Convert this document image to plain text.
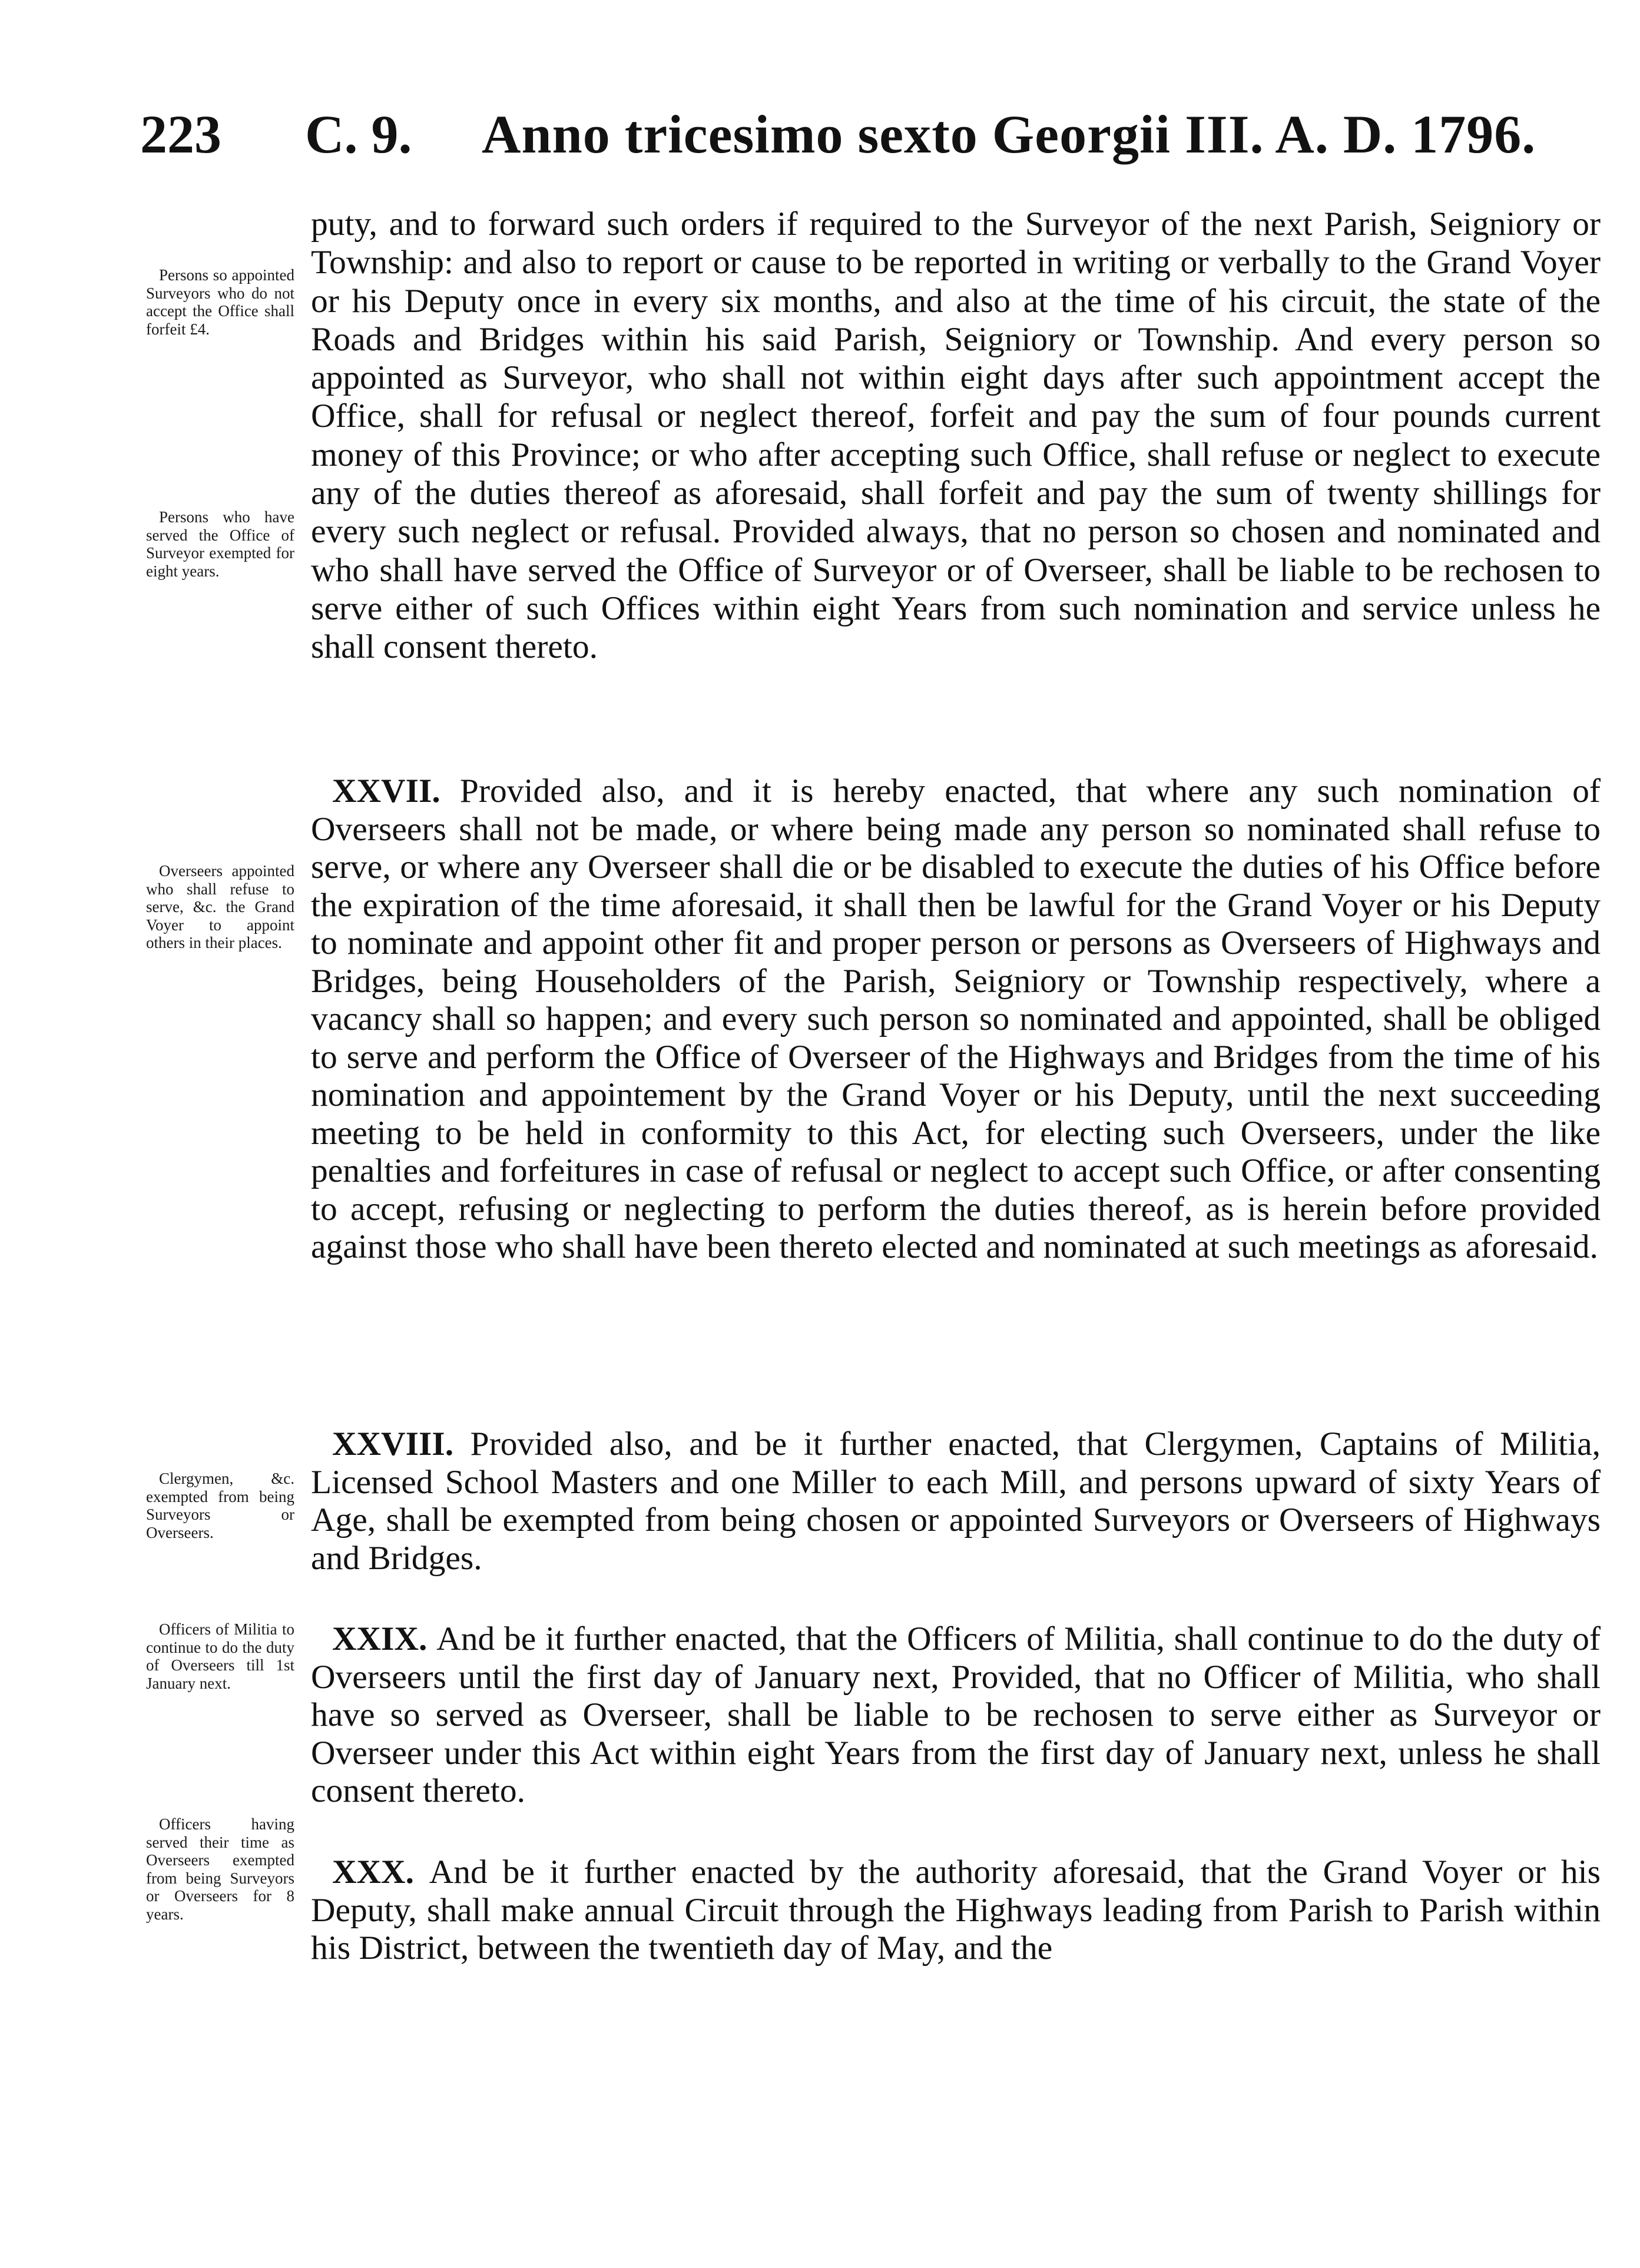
223 C. 9. Anno tricesimo sexto Georgii III. A. D. 1796.
puty, and to forward such orders if required to the Surveyor of the next Parish, Seigniory or Township: and also to report or cause to be reported in writing or verbally to the Grand Voyer or his Deputy once in every six months, and also at the time of his circuit, the state of the Roads and Bridges within his said Parish, Seigniory or Township. And every person so appointed as Surveyor, who shall not within eight days after such appointment accept the Office, shall for refusal or neglect thereof, forfeit and pay the sum of four pounds current money of this Province; or who after accepting such Office, shall refuse or neglect to execute any of the duties thereof as aforesaid, shall forfeit and pay the sum of twenty shillings for every such neglect or refusal. Provided always, that no person so chosen and nominated and who shall have served the Office of Surveyor or of Overseer, shall be liable to be rechosen to serve either of such Offices within eight Years from such nomination and service unless he shall consent thereto.
XXVII. Provided also, and it is hereby enacted, that where any such nomination of Overseers shall not be made, or where being made any person so nominated shall refuse to serve, or where any Overseer shall die or be disabled to execute the duties of his Office before the expiration of the time aforesaid, it shall then be lawful for the Grand Voyer or his Deputy to nominate and appoint other fit and proper person or persons as Overseers of Highways and Bridges, being Householders of the Parish, Seigniory or Township respectively, where a vacancy shall so happen; and every such person so nominated and appointed, shall be obliged to serve and perform the Office of Overseer of the Highways and Bridges from the time of his nomination and appointement by the Grand Voyer or his Deputy, until the next succeeding meeting to be held in conformity to this Act, for electing such Overseers, under the like penalties and forfeitures in case of refusal or neglect to accept such Office, or after consenting to accept, refusing or neglecting to perform the duties thereof, as is herein before provided against those who shall have been thereto elected and nominated at such meetings as aforesaid.
XXVIII. Provided also, and be it further enacted, that Clergymen, Captains of Militia, Licensed School Masters and one Miller to each Mill, and persons upward of sixty Years of Age, shall be exempted from being chosen or appointed Surveyors or Overseers of Highways and Bridges.
XXIX. And be it further enacted, that the Officers of Militia, shall continue to do the duty of Overseers until the first day of January next, Provided, that no Officer of Militia, who shall have so served as Overseer, shall be liable to be rechosen to serve either as Surveyor or Overseer under this Act within eight Years from the first day of January next, unless he shall consent thereto.
XXX. And be it further enacted by the authority aforesaid, that the Grand Voyer or his Deputy, shall make annual Circuit through the Highways leading from Parish to Parish within his District, between the twentieth day of May, and the
Persons so appointed Surveyors who do not accept the Office shall forfeit £4.
Persons who have served the Office of Surveyor exempted for eight years.
Overseers appointed who shall refuse to serve, &c. the Grand Voyer to appoint others in their places.
Clergymen, &c. exempted from being Surveyors or Overseers.
Officers of Militia to continue to do the duty of Overseers till 1st January next.
Officers having served their time as Overseers exempted from being Surveyors or Overseers for 8 years.
